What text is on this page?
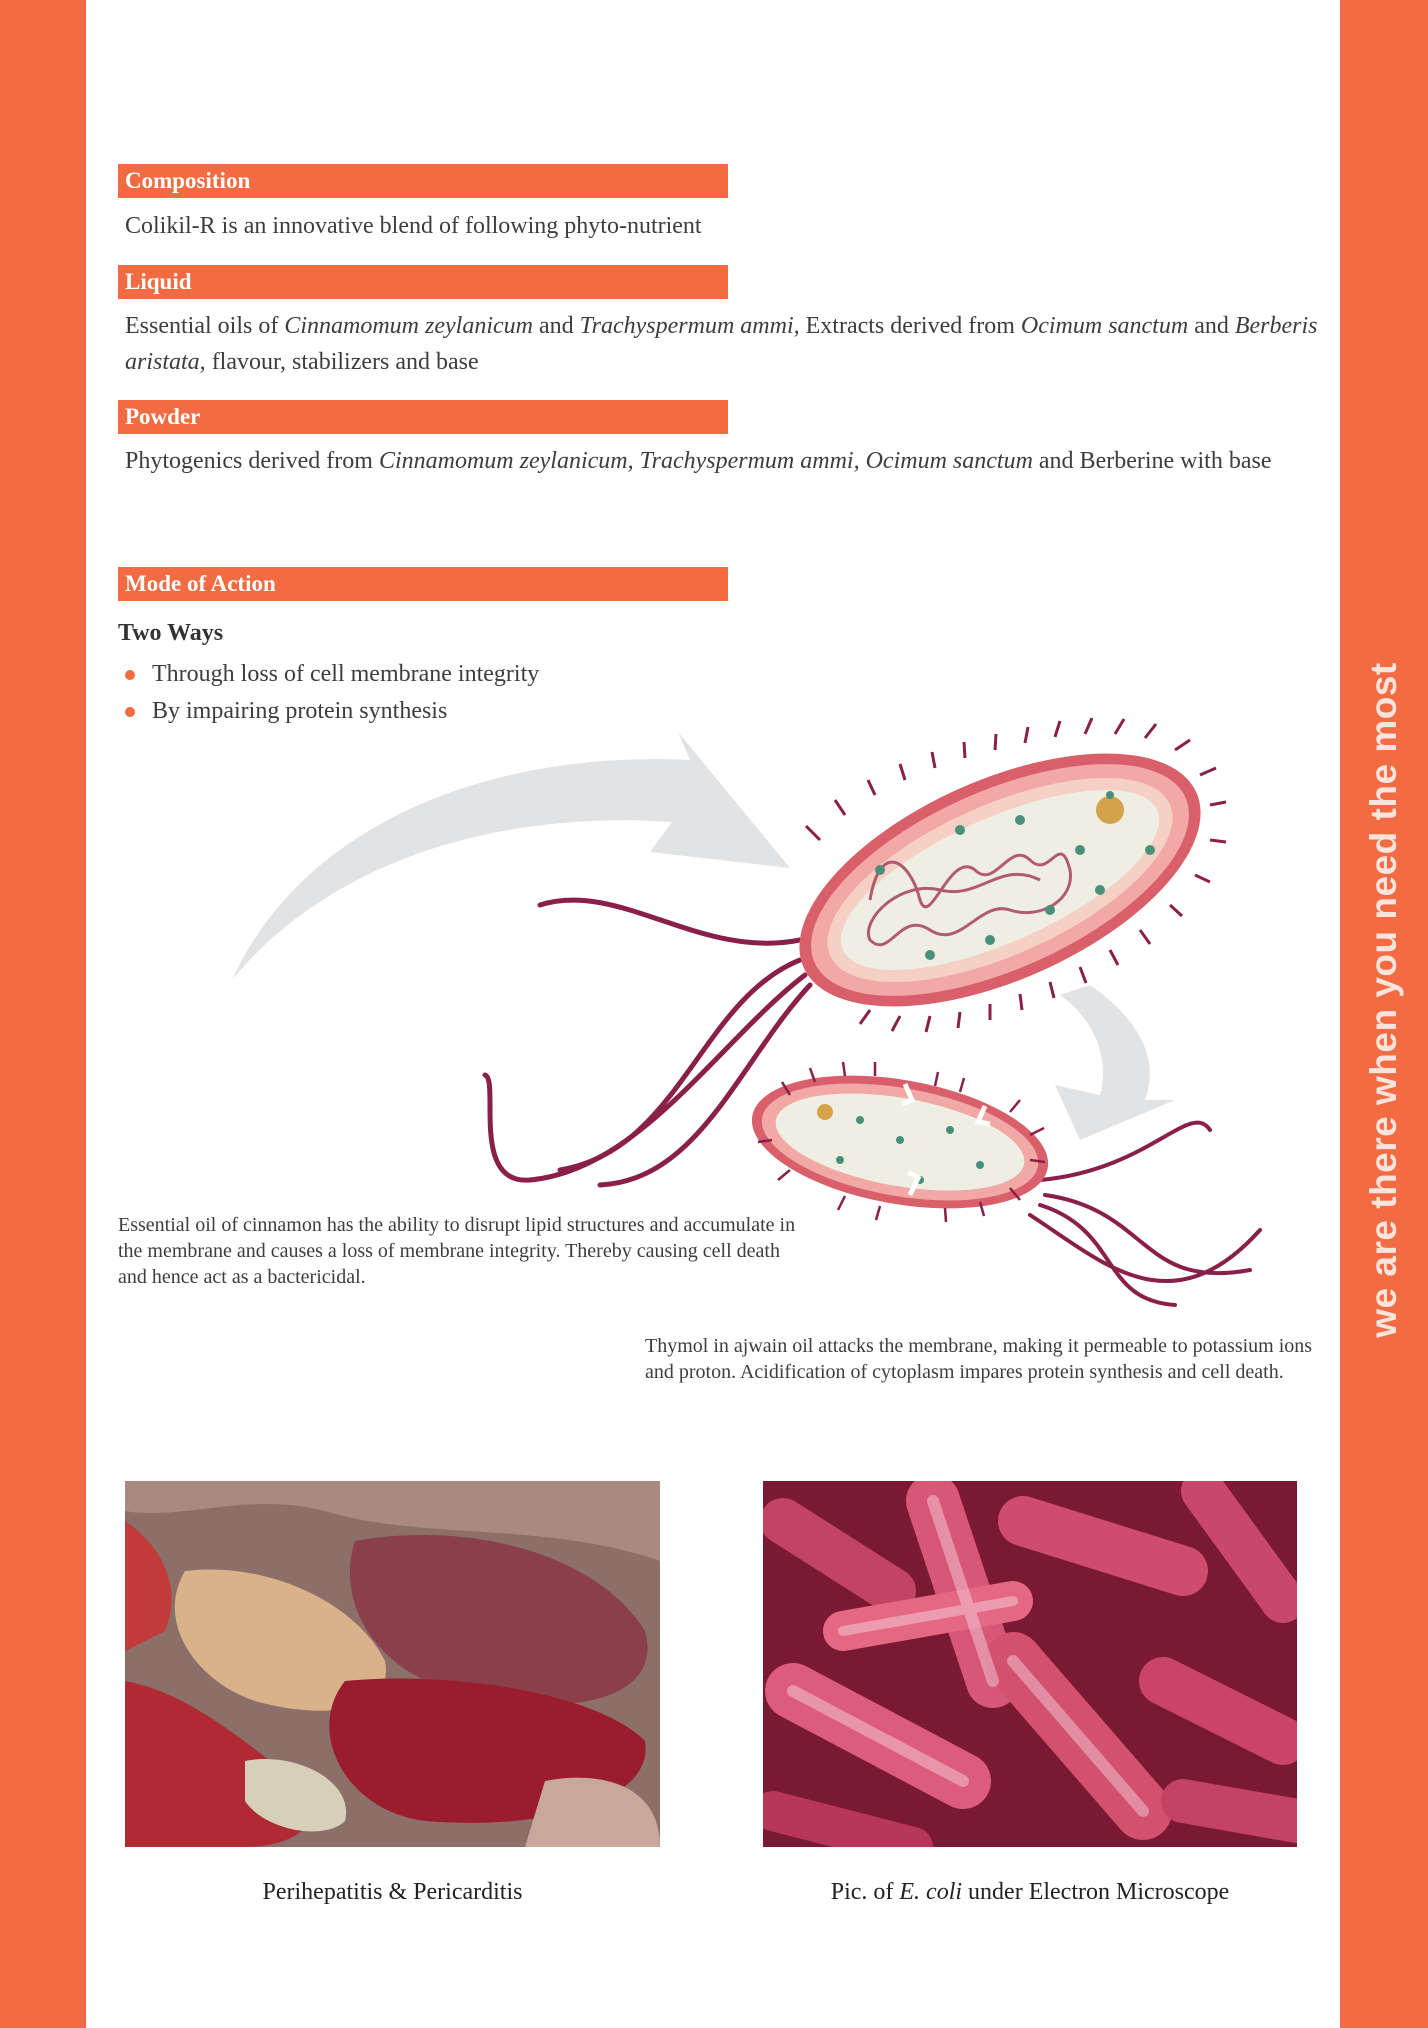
we are there when you need the most
Composition
Colikil-R is an innovative blend of following phyto-nutrient
Liquid
Essential oils of Cinnamomum zeylanicum and Trachyspermum ammi, Extracts derived from Ocimum sanctum and Berberis aristata, flavour, stabilizers and base
Powder
Phytogenics derived from Cinnamomum zeylanicum, Trachyspermum ammi, Ocimum sanctum and Berberine with base
Mode of Action
Two Ways
Through loss of cell membrane integrity
By impairing protein synthesis
Essential oil of cinnamon has the ability to disrupt lipid structures and accumulate in the membrane and causes a loss of membrane integrity. Thereby causing cell death and hence act as a bactericidal.
Thymol in ajwain oil attacks the membrane, making it permeable to potassium ions and proton. Acidification of cytoplasm impares protein synthesis and cell death.
Perihepatitis & Pericarditis	Pic. of E. coli under Electron Microscope
